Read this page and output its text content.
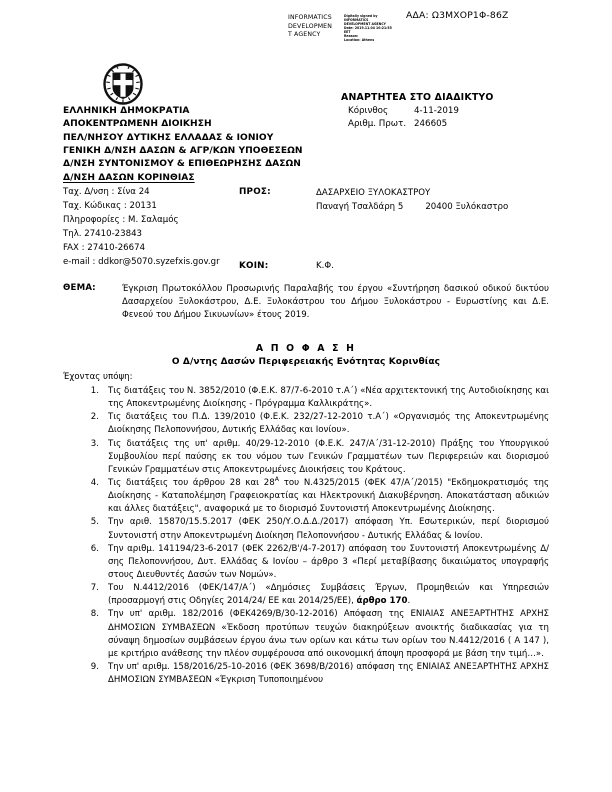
INFORMATICS
DEVELOPMEN
T AGENCY
Digitally signed by
INFORMATICS
DEVELOPMENT AGENCY
Date: 2019.11.04 10:21:55
EET
Reason:
Location: Athens
ΑΔΑ: Ω3ΜΧΟΡ1Φ-86Ζ
ΕΛΛΗΝΙΚΗ ΔΗΜΟΚΡΑΤΙΑ
ΑΠΟΚΕΝΤΡΩΜΕΝΗ ΔΙΟΙΚΗΣΗ
ΠΕΛ/ΝΗΣΟΥ ΔΥΤΙΚΗΣ ΕΛΛΑΔΑΣ & ΙΟΝΙΟΥ
ΓΕΝΙΚΗ Δ/ΝΣΗ ΔΑΣΩΝ & ΑΓΡ/ΚΩΝ ΥΠΟΘΕΣΕΩΝ
Δ/ΝΣΗ ΣΥΝΤΟΝΙΣΜΟΥ & ΕΠΙΘΕΩΡΗΣΗΣ ΔΑΣΩΝ
Δ/ΝΣΗ ΔΑΣΩΝ ΚΟΡΙΝΘΙΑΣ
ΑΝΑΡΤΗΤΕΑ ΣΤΟ ΔΙΑΔΙΚΤΥΟ
Κόρινθος	4-11-2019
Αριθμ. Πρωτ. 246605
Ταχ. Δ/νση : Σίνα 24
Ταχ. Κώδικας : 20131
Πληροφορίες : Μ. Σαλαμός
Τηλ. 27410-23843
FAX : 27410-26674
e-mail : ddkor@5070.syzefxis.gov.gr
ΠΡΟΣ:	ΔΑΣΑΡΧΕΙΟ ΞΥΛΟΚΑΣΤΡΟΥ
Παναγή Τσαλδάρη 5	20400 Ξυλόκαστρο
ΚΟΙΝ:	Κ.Φ.
ΘΕΜΑ:	Έγκριση Πρωτοκόλλου Προσωρινής Παραλαβής του έργου «Συντήρηση δασικού οδικού δικτύου Δασαρχείου Ξυλοκάστρου, Δ.Ε. Ξυλοκάστρου του Δήμου Ξυλοκάστρου - Ευρωστίνης και Δ.Ε. Φενεού του Δήμου Σικυωνίων» έτους 2019.
Α Π Ο Φ Α Σ Η
Ο Δ/ντης Δασών Περιφερειακής Ενότητας Κορινθίας
Έχοντας υπόψη:
1. Τις διατάξεις του Ν. 3852/2010 (Φ.Ε.Κ. 87/7-6-2010 τ.Α΄) «Νέα αρχιτεκτονική της Αυτοδιοίκησης και της Αποκεντρωμένης Διοίκησης - Πρόγραμμα Καλλικράτης».
2. Τις διατάξεις του Π.Δ. 139/2010 (Φ.Ε.Κ. 232/27-12-2010 τ.Α΄) «Οργανισμός της Αποκεντρωμένης Διοίκησης Πελοποννήσου, Δυτικής Ελλάδας και Ιονίου».
3. Τις διατάξεις της υπ' αριθμ. 40/29-12-2010 (Φ.Ε.Κ. 247/Α΄/31-12-2010) Πράξης του Υπουργικού Συμβουλίου περί παύσης εκ του νόμου των Γενικών Γραμματέων των Περιφερειών και διορισμού Γενικών Γραμματέων στις Αποκεντρωμένες Διοικήσεις του Κράτους.
4. Τις διατάξεις του άρθρου 28 και $28^A$ του Ν.4325/2015 (ΦΕΚ 47/Α΄/2015) "Εκδημοκρατισμός της Διοίκησης - Καταπολέμηση Γραφειοκρατίας και Ηλεκτρονική Διακυβέρνηση. Αποκατάσταση αδικιών και άλλες διατάξεις", αναφορικά με το διορισμό Συντονιστή Αποκεντρωμένης Διοίκησης.
5. Την αριθ. 15870/15.5.2017 (ΦΕΚ 250/Υ.Ο.Δ.Δ./2017) απόφαση Υπ. Εσωτερικών, περί διορισμού Συντονιστή στην Αποκεντρωμένη Διοίκηση Πελοποννήσου - Δυτικής Ελλάδας & Ιονίου.
6. Την αριθμ. 141194/23-6-2017 (ΦΕΚ 2262/Β'/4-7-2017) απόφαση του Συντονιστή Αποκεντρωμένης Δ/σης Πελοποννήσου, Δυτ. Ελλάδας & Ιονίου – άρθρο 3 «Περί μεταβίβασης δικαιώματος υπογραφής στους Διευθυντές Δασών των Νομών».
7. Του Ν.4412/2016 (ΦΕΚ/147/Α΄) «Δημόσιες Συμβάσεις Έργων, Προμηθειών και Υπηρεσιών (προσαρμογή στις Οδηγίες 2014/24/ ΕΕ και 2014/25/ΕΕ), άρθρο 170.
8. Την υπ' αριθμ. 182/2016 (ΦΕΚ4269/Β/30-12-2016) Απόφαση της ΕΝΙΑΙΑΣ ΑΝΕΞΑΡΤΗΤΗΣ ΑΡΧΗΣ ΔΗΜΟΣΙΩΝ ΣΥΜΒΑΣΕΩΝ «Έκδοση προτύπων τευχών διακηρύξεων ανοικτής διαδικασίας για τη σύναψη δημοσίων συμβάσεων έργου άνω των ορίων και κάτω των ορίων του Ν.4412/2016 ( Α 147 ), με κριτήριο ανάθεσης την πλέον συμφέρουσα από οικονομική άποψη προσφορά με βάση την τιμή…».
9. Την υπ' αριθμ. 158/2016/25-10-2016 (ΦΕΚ 3698/Β/2016) απόφαση της ΕΝΙΑΙΑΣ ΑΝΕΞΑΡΤΗΤΗΣ ΑΡΧΗΣ ΔΗΜΟΣΙΩΝ ΣΥΜΒΑΣΕΩΝ «Έγκριση Τυποποιημένου
